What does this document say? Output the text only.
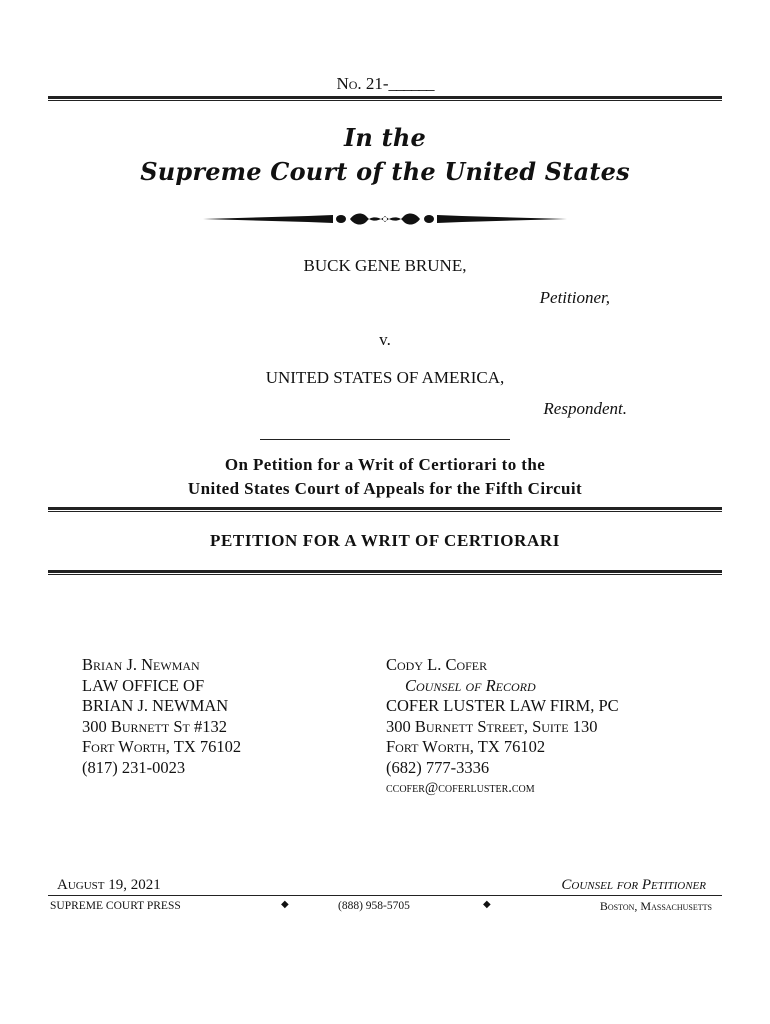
No. 21-______
In the
Supreme Court of the United States
BUCK GENE BRUNE,
Petitioner,
v.
UNITED STATES OF AMERICA,
Respondent.
On Petition for a Writ of Certiorari to the
United States Court of Appeals for the Fifth Circuit
PETITION FOR A WRIT OF CERTIORARI
Brian J. Newman
LAW OFFICE OF
BRIAN J. NEWMAN
300 Burnett St #132
Fort Worth, TX 76102
(817) 231-0023
Cody L. Cofer
Counsel of Record
COFER LUSTER LAW FIRM, PC
300 Burnett Street, Suite 130
Fort Worth, TX 76102
(682) 777-3336
ccofer@coferluster.com
August 19, 2021	Counsel for Petitioner
SUPREME COURT PRESS	◆	(888) 958-5705	◆	Boston, Massachusetts
